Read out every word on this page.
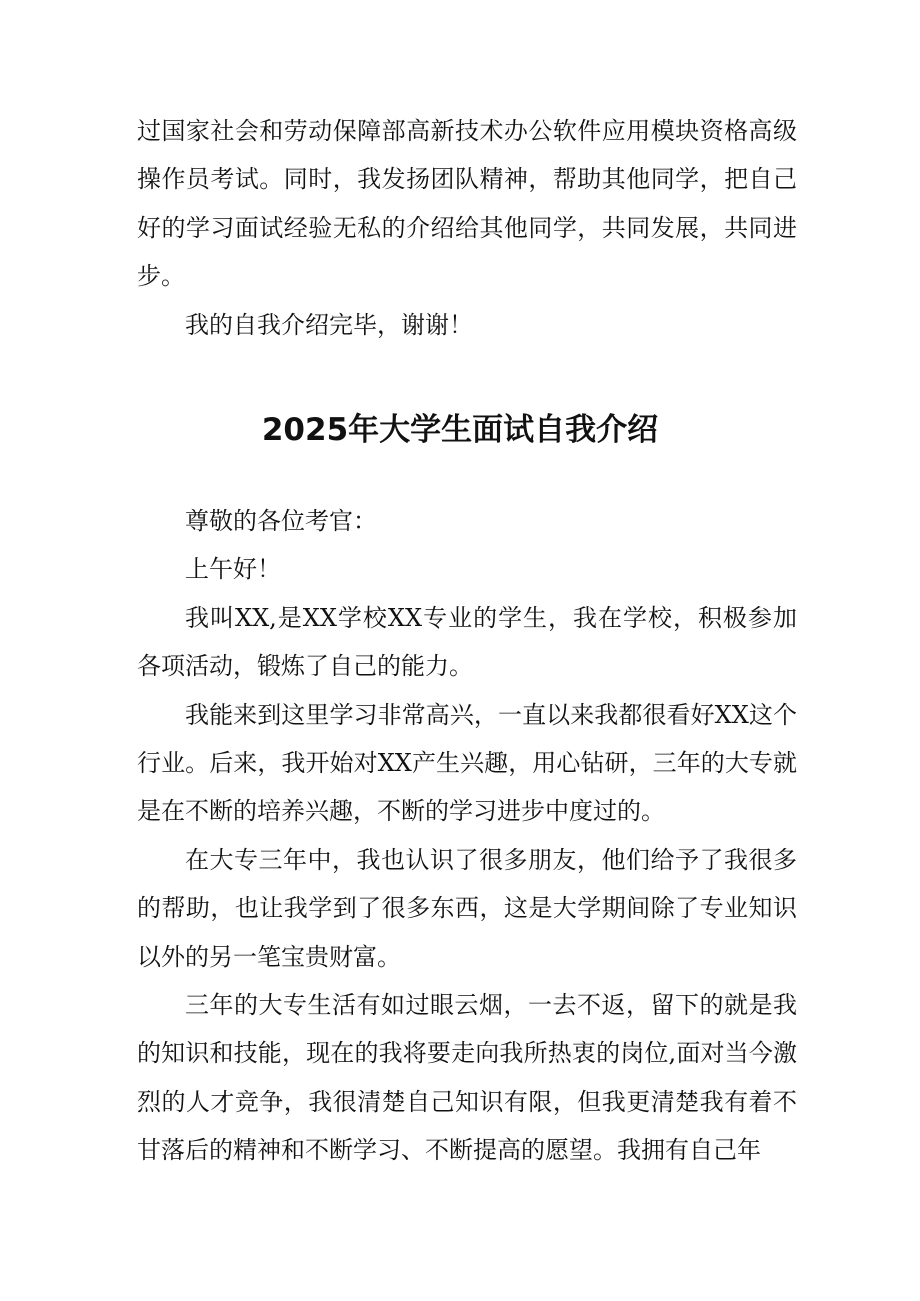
过国家社会和劳动保障部高新技术办公软件应用模块资格高级操作员考试。同时，我发扬团队精神，帮助其他同学，把自己好的学习面试经验无私的介绍给其他同学，共同发展，共同进步。

我的自我介绍完毕，谢谢！

2025年大学生面试自我介绍

尊敬的各位考官：

上午好！

我叫XX,是XX学校XX专业的学生，我在学校，积极参加各项活动，锻炼了自己的能力。

我能来到这里学习非常高兴，一直以来我都很看好XX这个行业。后来，我开始对XX产生兴趣，用心钻研，三年的大专就是在不断的培养兴趣，不断的学习进步中度过的。

在大专三年中，我也认识了很多朋友，他们给予了我很多的帮助，也让我学到了很多东西，这是大学期间除了专业知识以外的另一笔宝贵财富。

三年的大专生活有如过眼云烟，一去不返，留下的就是我的知识和技能，现在的我将要走向我所热衷的岗位,面对当今激烈的人才竞争，我很清楚自己知识有限，但我更清楚我有着不甘落后的精神和不断学习、不断提高的愿望。我拥有自己年
